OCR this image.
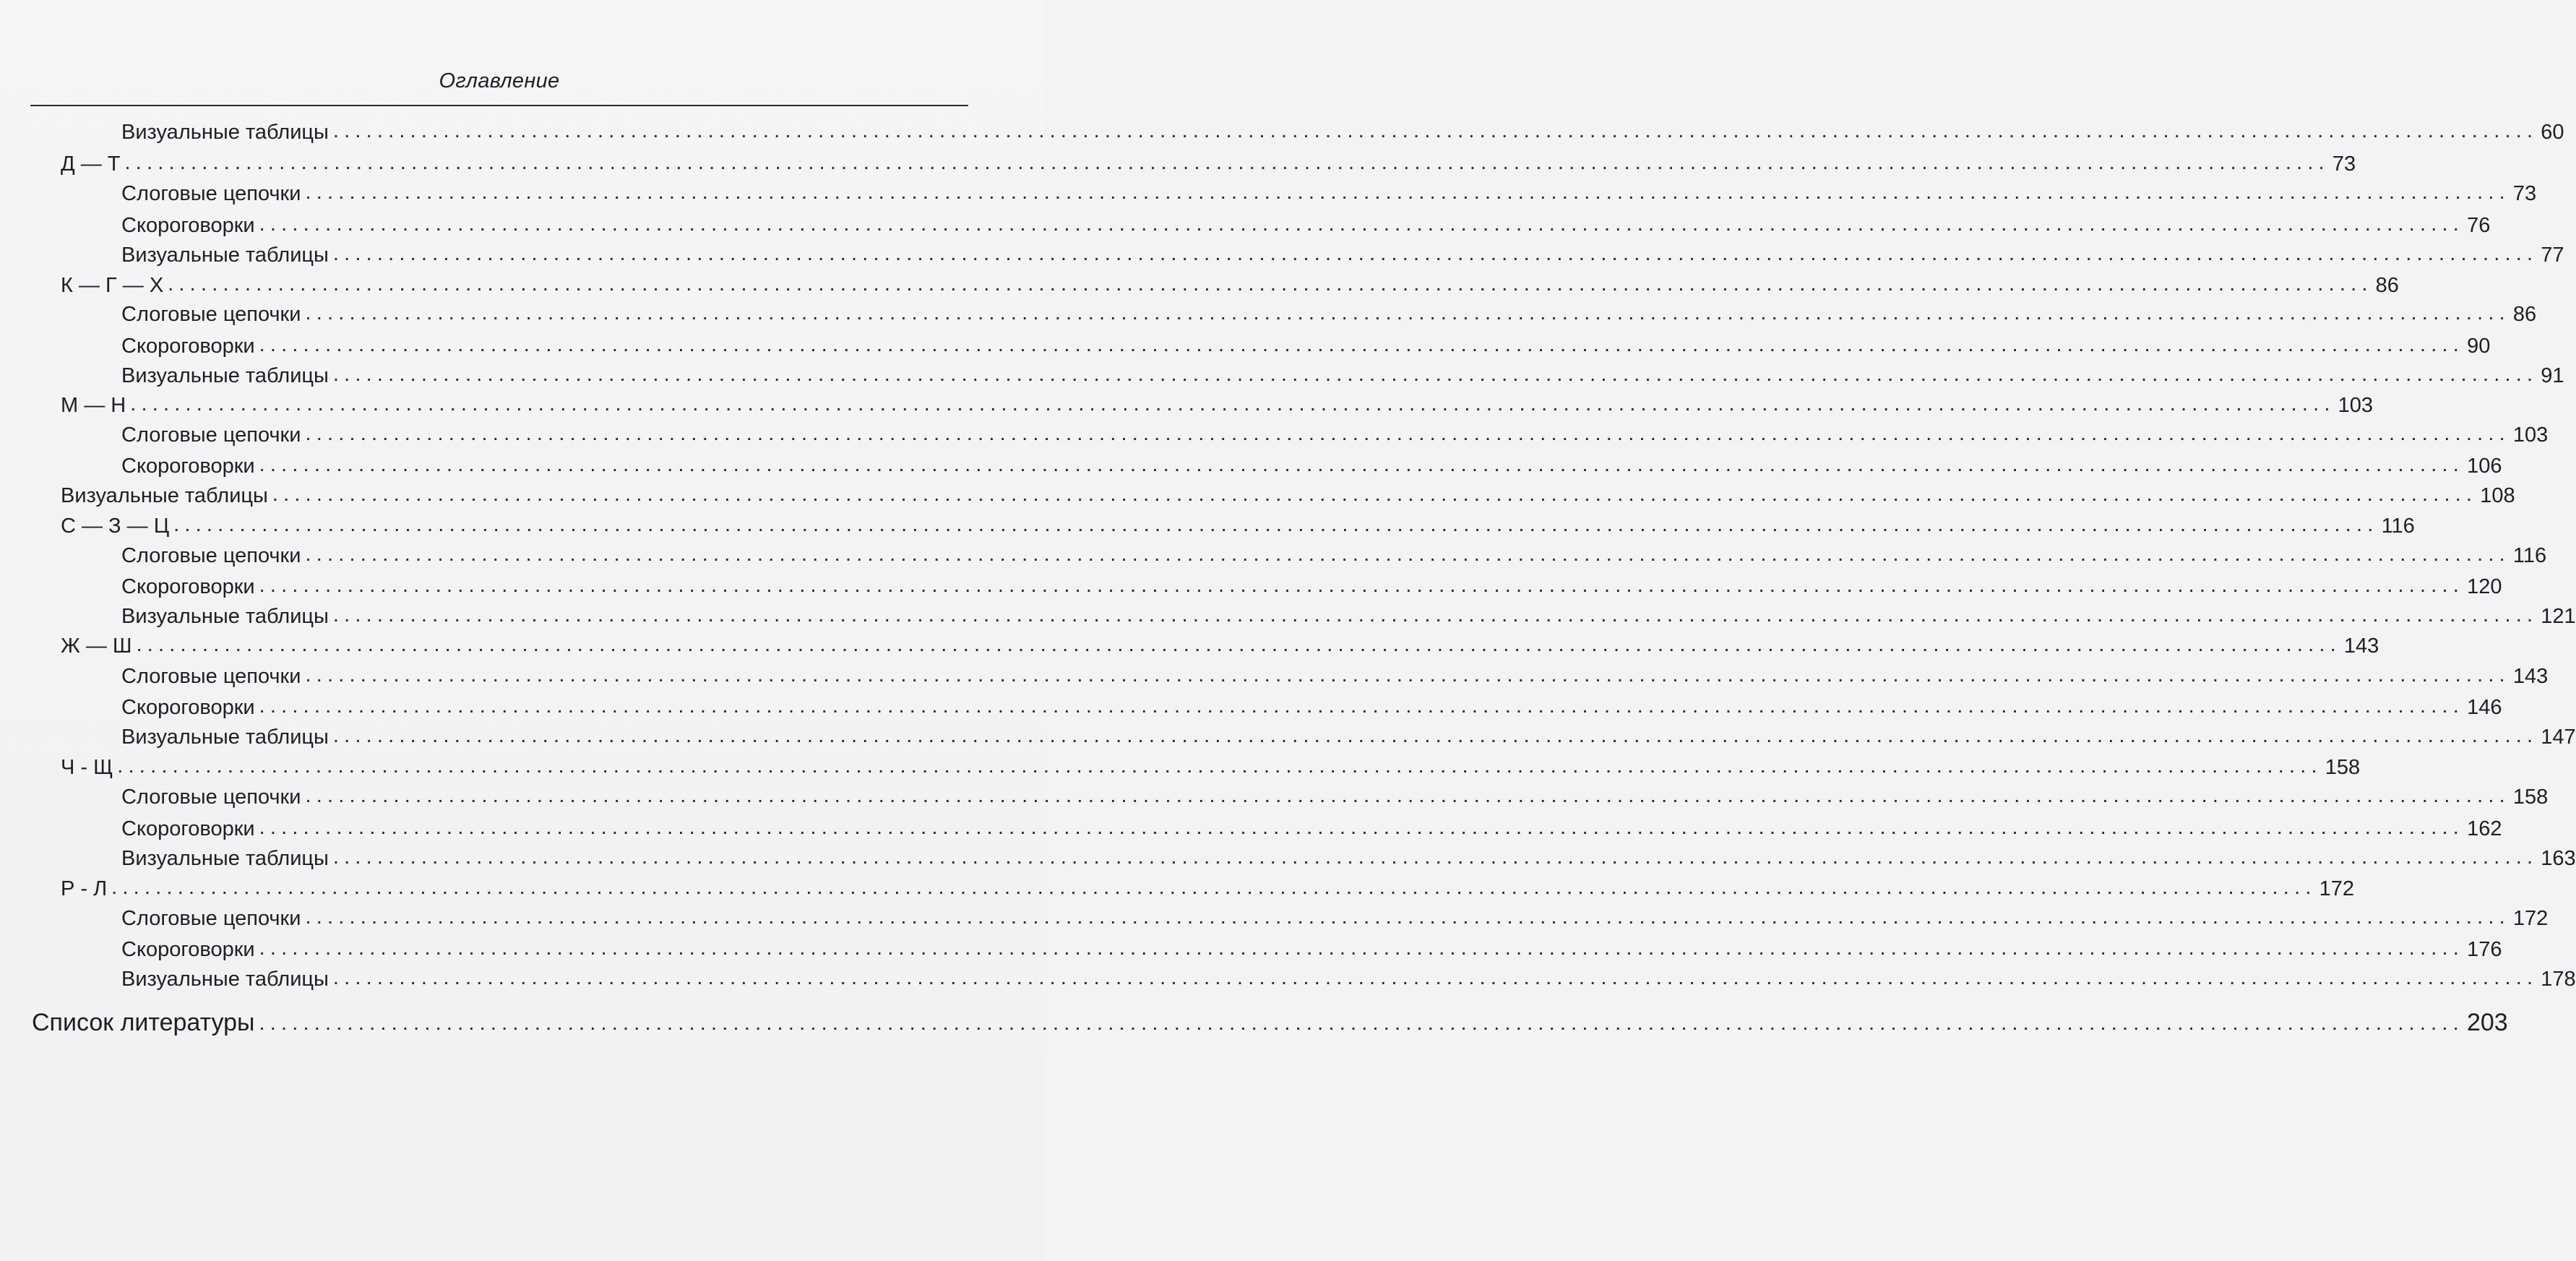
Оглавление
Визуальные таблицы ........................................................................................................................................................................................................ 60
Д — Т ........................................................................................................................................................................................................ 73
Слоговые цепочки ........................................................................................................................................................................................................ 73
Скороговорки ........................................................................................................................................................................................................ 76
Визуальные таблицы ........................................................................................................................................................................................................ 77
К — Г — Х ........................................................................................................................................................................................................ 86
Слоговые цепочки ........................................................................................................................................................................................................ 86
Скороговорки ........................................................................................................................................................................................................ 90
Визуальные таблицы ........................................................................................................................................................................................................ 91
М — Н ........................................................................................................................................................................................................ 103
Слоговые цепочки ........................................................................................................................................................................................................ 103
Скороговорки ........................................................................................................................................................................................................ 106
Визуальные таблицы ........................................................................................................................................................................................................ 108
С — З — Ц ........................................................................................................................................................................................................ 116
Слоговые цепочки ........................................................................................................................................................................................................ 116
Скороговорки ........................................................................................................................................................................................................ 120
Визуальные таблицы ........................................................................................................................................................................................................ 121
Ж — Ш ........................................................................................................................................................................................................ 143
Слоговые цепочки ........................................................................................................................................................................................................ 143
Скороговорки ........................................................................................................................................................................................................ 146
Визуальные таблицы ........................................................................................................................................................................................................ 147
Ч - Щ ........................................................................................................................................................................................................ 158
Слоговые цепочки ........................................................................................................................................................................................................ 158
Скороговорки ........................................................................................................................................................................................................ 162
Визуальные таблицы ........................................................................................................................................................................................................ 163
Р - Л ........................................................................................................................................................................................................ 172
Слоговые цепочки ........................................................................................................................................................................................................ 172
Скороговорки ........................................................................................................................................................................................................ 176
Визуальные таблицы ........................................................................................................................................................................................................ 178
Список литературы ........................................................................................................................................................................................................ 203
